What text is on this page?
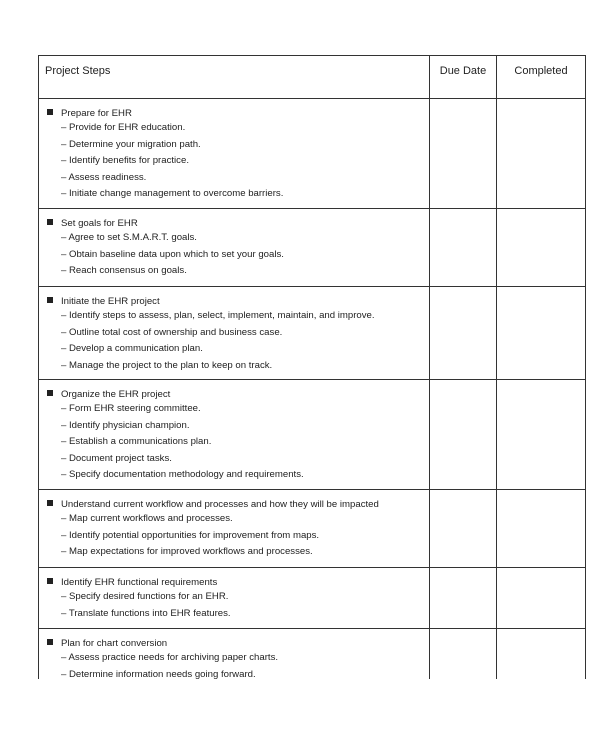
Project Steps	Due Date	Completed
Prepare for EHR
– Provide for EHR education.
– Determine your migration path.
– Identify benefits for practice.
– Assess readiness.
– Initiate change management to overcome barriers.
Set goals for EHR
– Agree to set S.M.A.R.T. goals.
– Obtain baseline data upon which to set your goals.
– Reach consensus on goals.
Initiate the EHR project
– Identify steps to assess, plan, select, implement, maintain, and improve.
– Outline total cost of ownership and business case.
– Develop a communication plan.
– Manage the project to the plan to keep on track.
Organize the EHR project
– Form EHR steering committee.
– Identify physician champion.
– Establish a communications plan.
– Document project tasks.
– Specify documentation methodology and requirements.
Understand current workflow and processes and how they will be impacted
– Map current workflows and processes.
– Identify potential opportunities for improvement from maps.
– Map expectations for improved workflows and processes.
Identify EHR functional requirements
– Specify desired functions for an EHR.
– Translate functions into EHR features.
Plan for chart conversion
– Assess practice needs for archiving paper charts.
– Determine information needs going forward.
